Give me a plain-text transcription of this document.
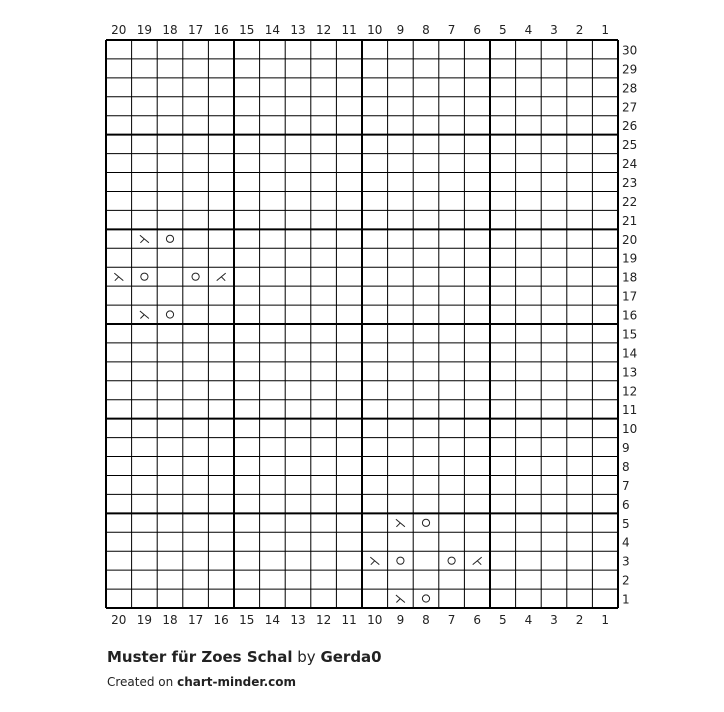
20 19 18 17 16 15 14 13 12 11 10 9 8 7 6 5 4 3 2 1
20 19 18 17 16 15 14 13 12 11 10 9 8 7 6 5 4 3 2 1
30
29
28
27
26
25
24
23
22
21
20
19
18
17
16
15
14
13
12
11
10
9
8
7
6
5
4
3
2
1
Muster für Zoes Schal by Gerda0
Created on chart-minder.com
